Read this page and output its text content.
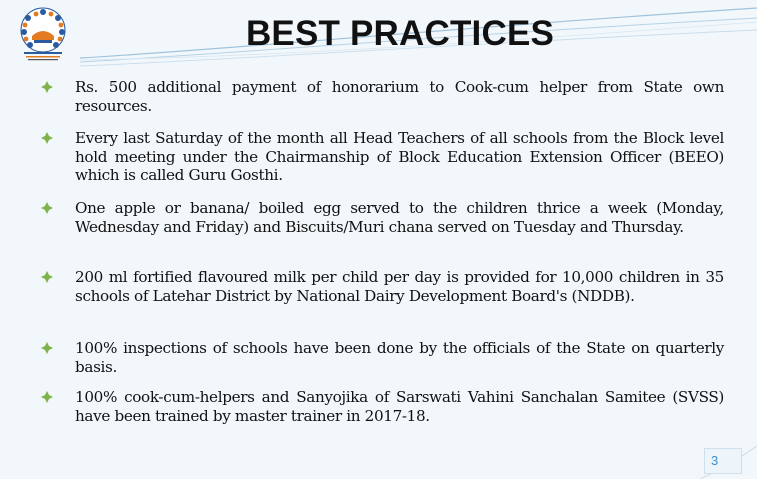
BEST PRACTICES
Rs. 500 additional payment of honorarium to Cook-cum helper from State own resources.
Every last Saturday of the month all Head Teachers of all schools from the Block level hold meeting under the Chairmanship of Block Education Extension Officer (BEEO) which is called Guru Gosthi.
One apple or banana/ boiled egg served to the children thrice a week (Monday, Wednesday and Friday) and Biscuits/Muri chana served on Tuesday and Thursday.
200 ml fortified flavoured milk per child per day is provided for 10,000 children in 35 schools of Latehar District by National Dairy Development Board's (NDDB).
100% inspections of schools have been done by the officials of the State on quarterly basis.
100% cook-cum-helpers and Sanyojika of Sarswati Vahini Sanchalan Samitee (SVSS) have been trained by master trainer in 2017-18.
3
